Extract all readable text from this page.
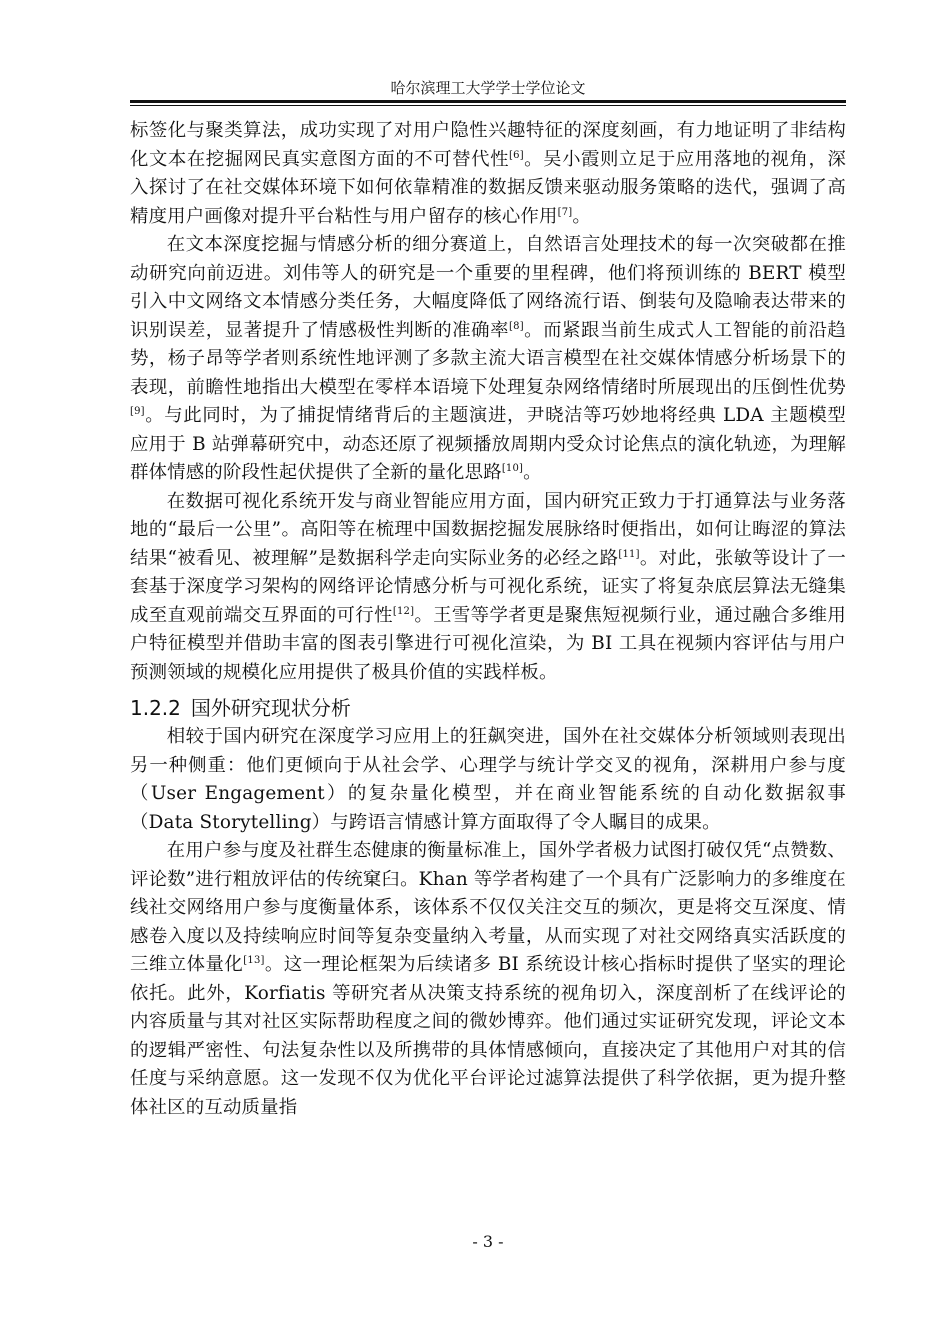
哈尔滨理工大学学士学位论文

标签化与聚类算法，成功实现了对用户隐性兴趣特征的深度刻画，有力地证明了非结构化文本在挖掘网民真实意图方面的不可替代性[6]。吴小霞则立足于应用落地的视角，深入探讨了在社交媒体环境下如何依靠精准的数据反馈来驱动服务策略的迭代，强调了高精度用户画像对提升平台粘性与用户留存的核心作用[7]。

在文本深度挖掘与情感分析的细分赛道上，自然语言处理技术的每一次突破都在推动研究向前迈进。刘伟等人的研究是一个重要的里程碑，他们将预训练的 BERT 模型引入中文网络文本情感分类任务，大幅度降低了网络流行语、倒装句及隐喻表达带来的识别误差，显著提升了情感极性判断的准确率[8]。而紧跟当前生成式人工智能的前沿趋势，杨子昂等学者则系统性地评测了多款主流大语言模型在社交媒体情感分析场景下的表现，前瞻性地指出大模型在零样本语境下处理复杂网络情绪时所展现出的压倒性优势[9]。与此同时，为了捕捉情绪背后的主题演进，尹晓洁等巧妙地将经典 LDA 主题模型应用于 B 站弹幕研究中，动态还原了视频播放周期内受众讨论焦点的演化轨迹，为理解群体情感的阶段性起伏提供了全新的量化思路[10]。

在数据可视化系统开发与商业智能应用方面，国内研究正致力于打通算法与业务落地的“最后一公里”。高阳等在梳理中国数据挖掘发展脉络时便指出，如何让晦涩的算法结果“被看见、被理解”是数据科学走向实际业务的必经之路[11]。对此，张敏等设计了一套基于深度学习架构的网络评论情感分析与可视化系统，证实了将复杂底层算法无缝集成至直观前端交互界面的可行性[12]。王雪等学者更是聚焦短视频行业，通过融合多维用户特征模型并借助丰富的图表引擎进行可视化渲染，为 BI 工具在视频内容评估与用户预测领域的规模化应用提供了极具价值的实践样板。

1.2.2 国外研究现状分析

相较于国内研究在深度学习应用上的狂飙突进，国外在社交媒体分析领域则表现出另一种侧重：他们更倾向于从社会学、心理学与统计学交叉的视角，深耕用户参与度（User Engagement）的复杂量化模型，并在商业智能系统的自动化数据叙事（Data Storytelling）与跨语言情感计算方面取得了令人瞩目的成果。

在用户参与度及社群生态健康的衡量标准上，国外学者极力试图打破仅凭“点赞数、评论数”进行粗放评估的传统窠臼。Khan 等学者构建了一个具有广泛影响力的多维度在线社交网络用户参与度衡量体系，该体系不仅仅关注交互的频次，更是将交互深度、情感卷入度以及持续响应时间等复杂变量纳入考量，从而实现了对社交网络真实活跃度的三维立体量化[13]。这一理论框架为后续诸多 BI 系统设计核心指标时提供了坚实的理论依托。此外，Korfiatis 等研究者从决策支持系统的视角切入，深度剖析了在线评论的内容质量与其对社区实际帮助程度之间的微妙博弈。他们通过实证研究发现，评论文本的逻辑严密性、句法复杂性以及所携带的具体情感倾向，直接决定了其他用户对其的信任度与采纳意愿。这一发现不仅为优化平台评论过滤算法提供了科学依据，更为提升整体社区的互动质量指

- 3 -
